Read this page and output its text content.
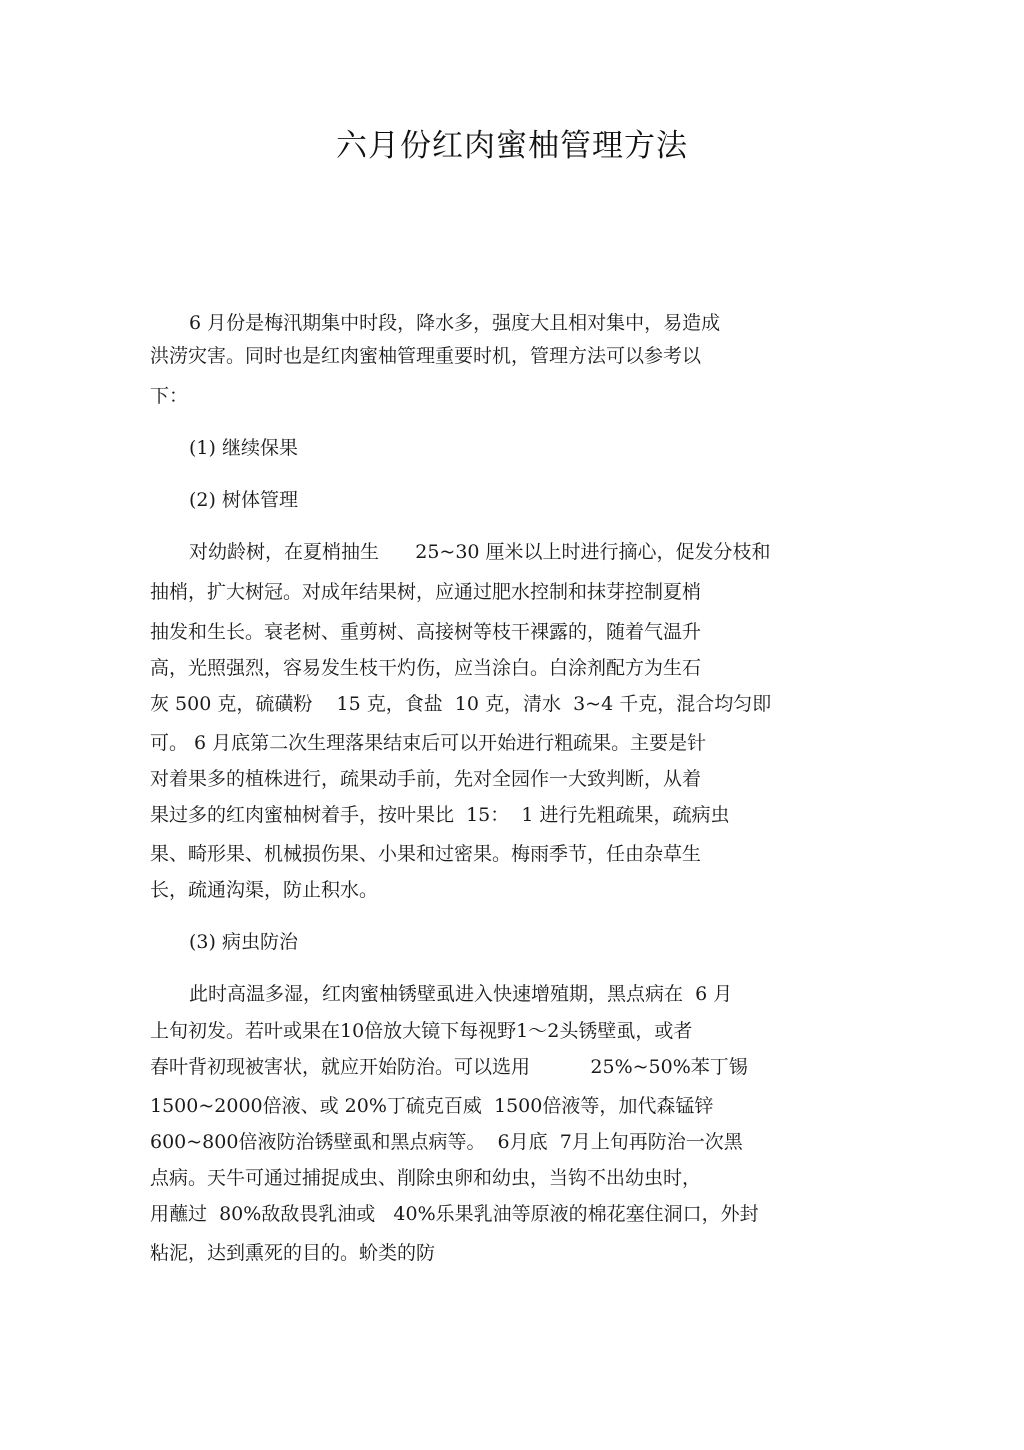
六月份红肉蜜柚管理方法

6 月份是梅汛期集中时段，降水多，强度大且相对集中，易造成

洪涝灾害。同时也是红肉蜜柚管理重要时机，管理方法可以参考以

下：

(1) 继续保果

(2) 树体管理

对幼龄树，在夏梢抽生      25~30 厘米以上时进行摘心，促发分枝和

抽梢，扩大树冠。对成年结果树，应通过肥水控制和抹芽控制夏梢

抽发和生长。衰老树、重剪树、高接树等枝干裸露的，随着气温升

高，光照强烈，容易发生枝干灼伤，应当涂白。白涂剂配方为生石

灰 500 克，硫磺粉    15 克，食盐  10 克，清水  3~4 千克，混合均匀即

可。 6 月底第二次生理落果结束后可以开始进行粗疏果。主要是针

对着果多的植株进行，疏果动手前，先对全园作一大致判断，从着

果过多的红肉蜜柚树着手，按叶果比  15：  1 进行先粗疏果，疏病虫

果、畸形果、机械损伤果、小果和过密果。梅雨季节，任由杂草生

长，疏通沟渠，防止积水。

(3) 病虫防治

此时高温多湿，红肉蜜柚锈壁虱进入快速增殖期，黑点病在  6 月

上旬初发。若叶或果在10倍放大镜下每视野1～2头锈壁虱，或者

春叶背初现被害状，就应开始防治。可以选用          25%~50%苯丁锡

1500~2000倍液、或 20%丁硫克百威  1500倍液等，加代森锰锌

600~800倍液防治锈壁虱和黑点病等。  6月底  7月上旬再防治一次黑

点病。天牛可通过捕捉成虫、削除虫卵和幼虫，当钩不出幼虫时，

用蘸过  80%敌敌畏乳油或   40%乐果乳油等原液的棉花塞住洞口，外封

粘泥，达到熏死的目的。蚧类的防
